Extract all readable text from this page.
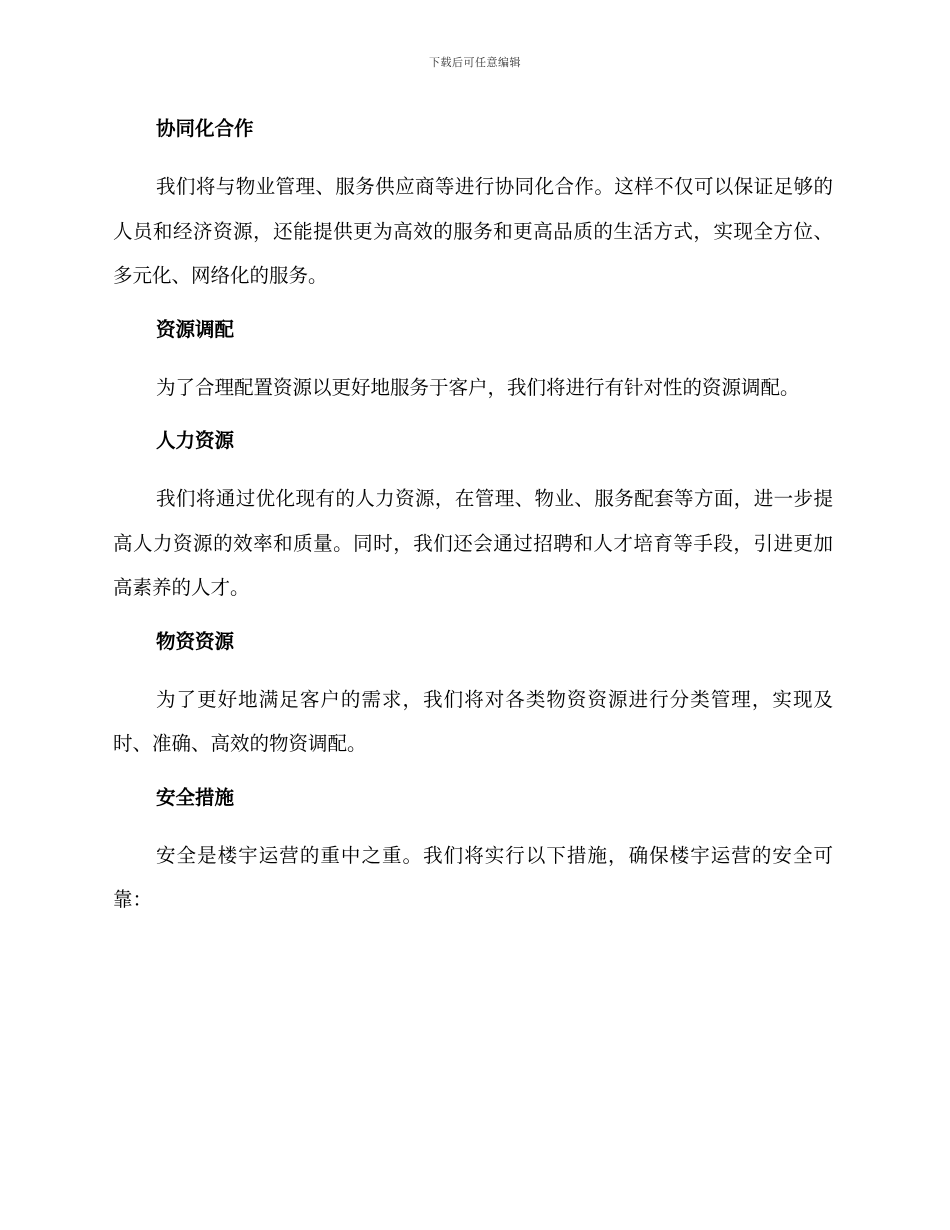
下载后可任意编辑
协同化合作
我们将与物业管理、服务供应商等进行协同化合作。这样不仅可以保证足够的人员和经济资源，还能提供更为高效的服务和更高品质的生活方式，实现全方位、多元化、网络化的服务。
资源调配
为了合理配置资源以更好地服务于客户，我们将进行有针对性的资源调配。
人力资源
我们将通过优化现有的人力资源，在管理、物业、服务配套等方面，进一步提高人力资源的效率和质量。同时，我们还会通过招聘和人才培育等手段，引进更加高素养的人才。
物资资源
为了更好地满足客户的需求，我们将对各类物资资源进行分类管理，实现及时、准确、高效的物资调配。
安全措施
安全是楼宇运营的重中之重。我们将实行以下措施，确保楼宇运营的安全可靠：
